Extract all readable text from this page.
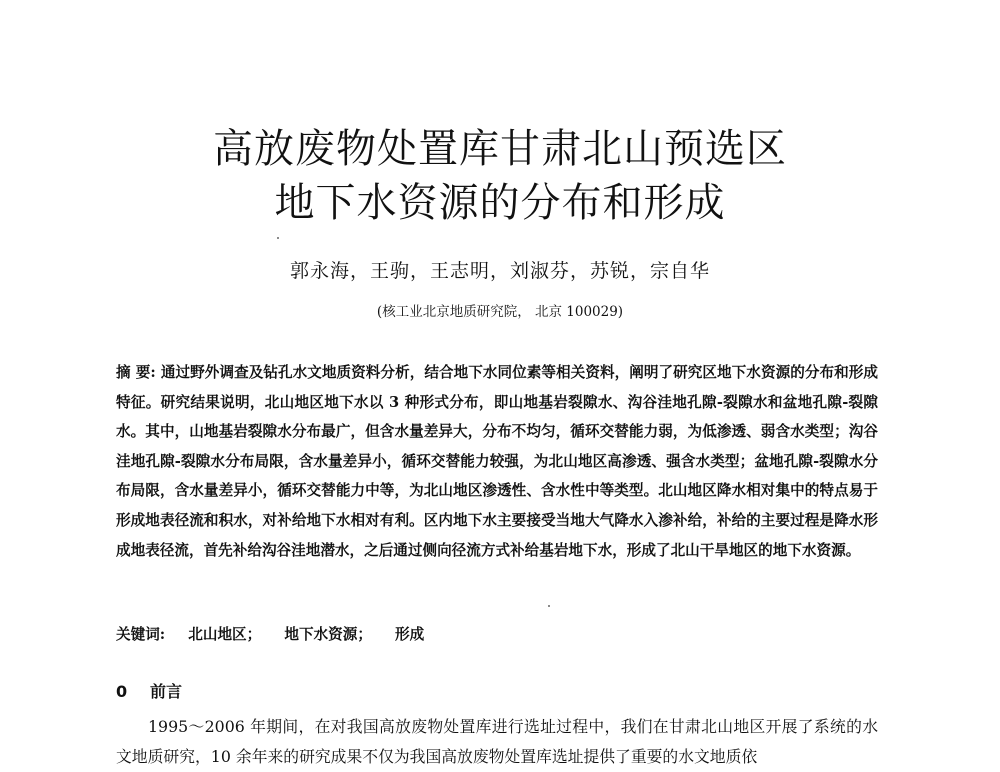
高放废物处置库甘肃北山预选区
地下水资源的分布和形成
郭永海，王驹，王志明，刘淑芬，苏锐，宗自华
(核工业北京地质研究院， 北京 100029)
摘 要: 通过野外调查及钻孔水文地质资料分析，结合地下水同位素等相关资料，阐明了研究区地下水资源的分布和形成特征。研究结果说明，北山地区地下水以 3 种形式分布，即山地基岩裂隙水、沟谷洼地孔隙-裂隙水和盆地孔隙-裂隙水。其中，山地基岩裂隙水分布最广，但含水量差异大，分布不均匀，循环交替能力弱，为低渗透、弱含水类型；沟谷洼地孔隙-裂隙水分布局限，含水量差异小，循环交替能力较强，为北山地区高渗透、强含水类型；盆地孔隙-裂隙水分布局限，含水量差异小，循环交替能力中等，为北山地区渗透性、含水性中等类型。北山地区降水相对集中的特点易于形成地表径流和积水，对补给地下水相对有利。区内地下水主要接受当地大气降水入渗补给，补给的主要过程是降水形成地表径流，首先补给沟谷洼地潜水，之后通过侧向径流方式补给基岩地下水，形成了北山干旱地区的地下水资源。
关键词: 北山地区； 地下水资源； 形成
0 前言
1995～2006 年期间，在对我国高放废物处置库进行选址过程中，我们在甘肃北山地区开展了系统的水文地质研究，10 余年来的研究成果不仅为我国高放废物处置库选址提供了重要的水文地质依
